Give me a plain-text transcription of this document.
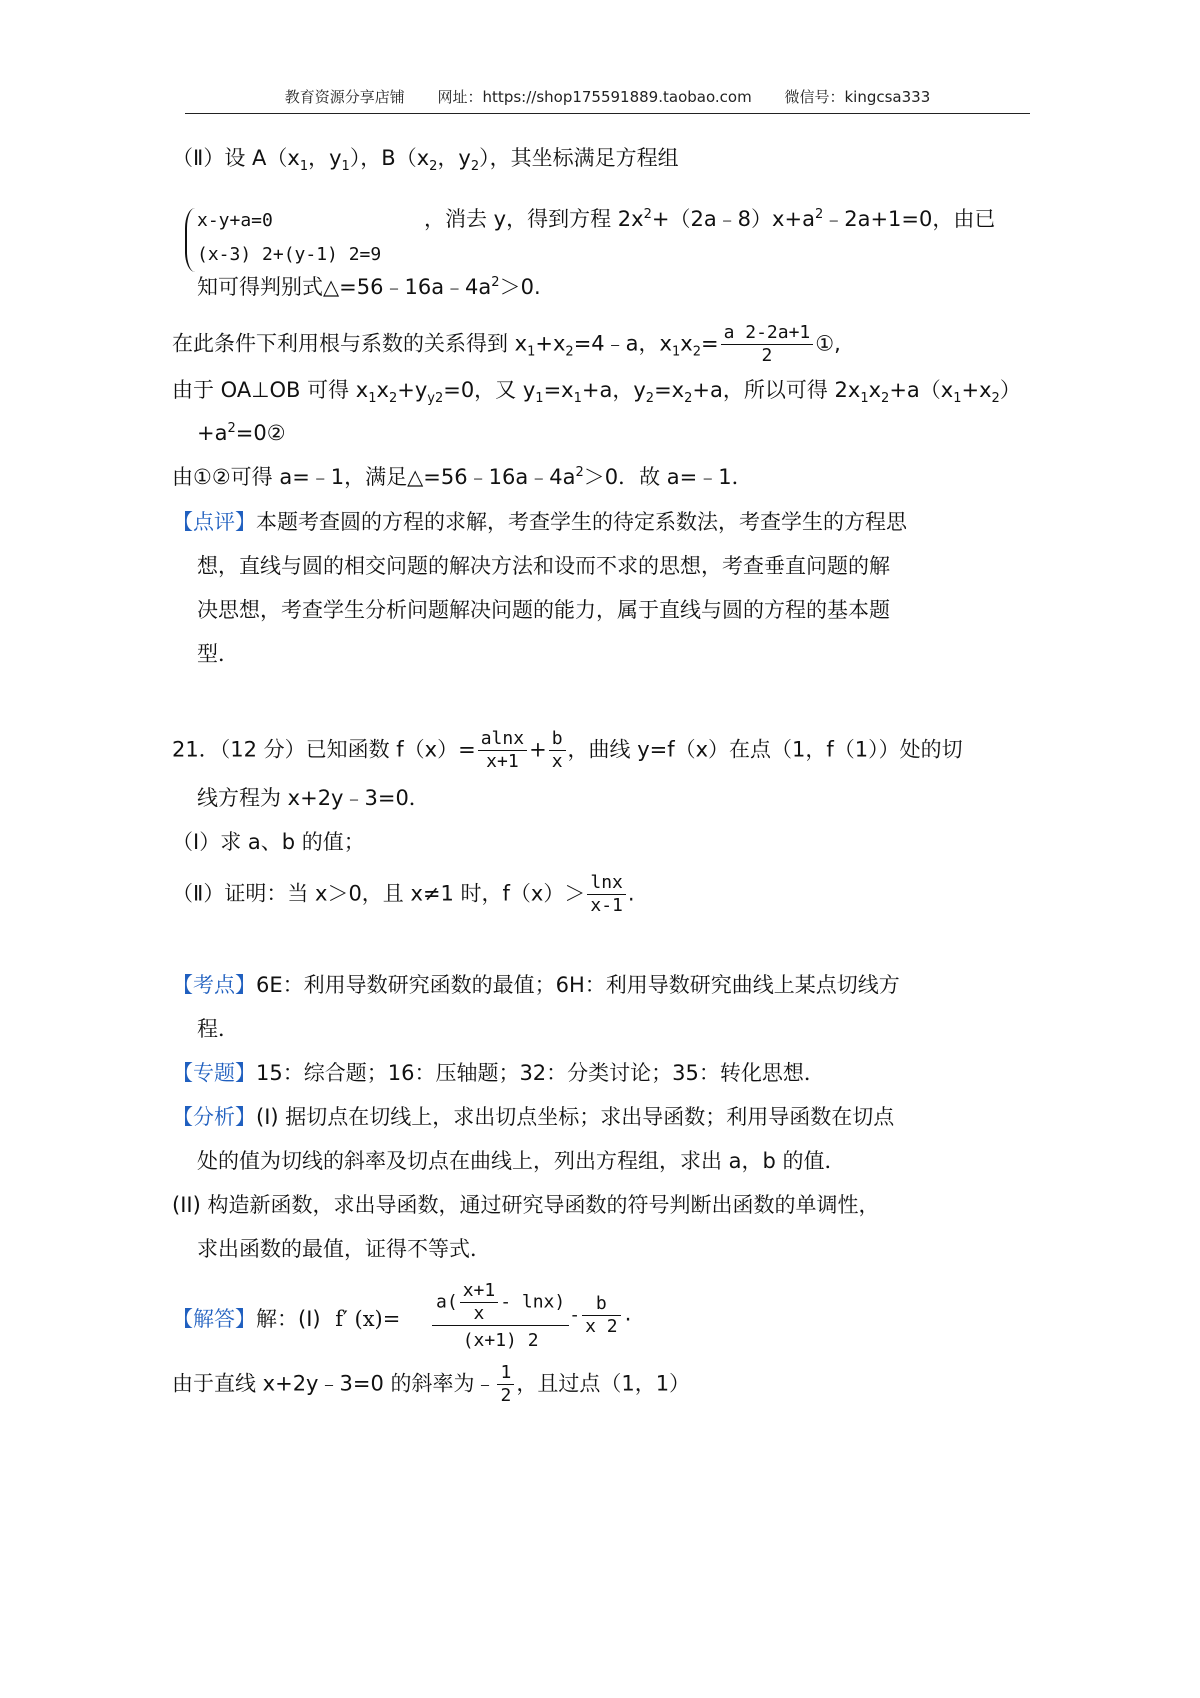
教育资源分享店铺 网址：https://shop175591889.taobao.com 微信号：kingcsa333
（Ⅱ）设 $A(x_1$，$y_1$），$B(x_2$，$y_2$），其坐标满足方程组
x-y+a=0
(x-3) 2+(y-1) 2=9
，消去 y，得到方程 $2x^2+(2a﹣8)x+a^2﹣2a+1=0$，由已
知可得判别式$\triangle=56﹣16a﹣4a^2>0$.
在此条件下利用根与系数的关系得到 $x_1+x_2=4﹣a$，$x_1x_2= \frac{a 2-2a+1}{2}$ ①,
由于 OA⊥OB 可得 $x_1x_2+y_{y2}=0$，又 $y_1=x_1+a$，$y_2=x_2+a$，所以可得 $2x_1x_2+a(x_1+x_2)$
$+a^2=0②$
由①②可得 a=﹣1，满足$\triangle=56﹣16a﹣4a^2>0$．故 a=﹣1．
【点评】本题考查圆的方程的求解，考查学生的待定系数法，考查学生的方程思
想，直线与圆的相交问题的解决方法和设而不求的思想，考查垂直问题的解
决思想，考查学生分析问题解决问题的能力，属于直线与圆的方程的基本题
型．
21．（12 分）已知函数 $f(x)= \frac{alnx}{x+1} + \frac{b}{x}$ ，曲线 y=f（x）在点（1，f（1））处的切
线方程为 x+2y﹣3=0．
（Ⅰ）求 a、b 的值；
（Ⅱ）证明：当 x＞0，且 x≠1 时，$f(x)> \frac{\ln x}{x-1}$ .
【考点】6E：利用导数研究函数的最值；6H：利用导数研究曲线上某点切线方
程．
【专题】15：综合题；16：压轴题；32：分类讨论；35：转化思想．
【分析】(I) 据切点在切线上，求出切点坐标；求出导函数；利用导函数在切点
处的值为切线的斜率及切点在曲线上，列出方程组，求出 a，b 的值．
(II) 构造新函数，求出导函数，通过研究导函数的符号判断出函数的单调性，
求出函数的最值，证得不等式．
【解答】解：(I) f′ $(x)= \frac{a( \frac{x+1}{x} - \ln x)}{(x+1) 2} - \frac{b}{x 2}$ .
由于直线 x+2y﹣3=0 的斜率为﹣ $\frac{1}{2}$ ，且过点（1，1）
